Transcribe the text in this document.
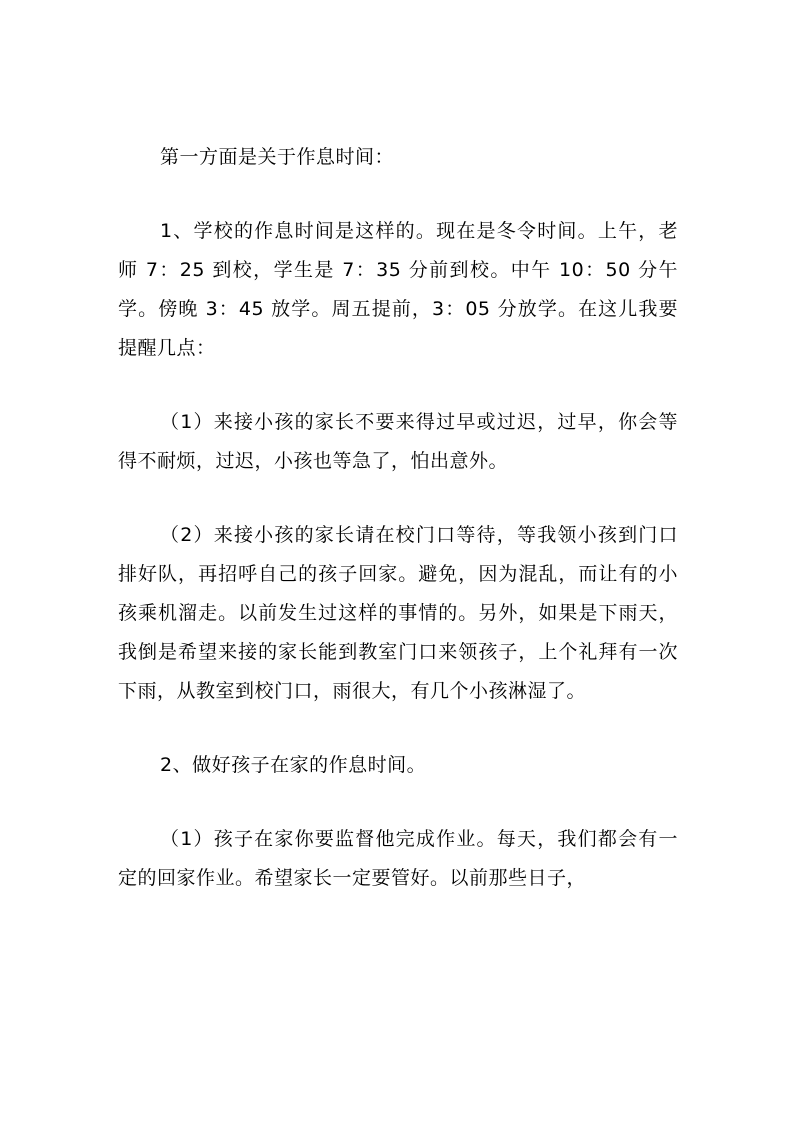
第一方面是关于作息时间：

1、学校的作息时间是这样的。现在是冬令时间。上午，老师 7：25 到校，学生是 7：35 分前到校。中午 10：50 分午学。傍晚 3：45 放学。周五提前，3：05 分放学。在这儿我要提醒几点：

（1）来接小孩的家长不要来得过早或过迟，过早，你会等得不耐烦，过迟，小孩也等急了，怕出意外。

（2）来接小孩的家长请在校门口等待，等我领小孩到门口排好队，再招呼自己的孩子回家。避免，因为混乱，而让有的小孩乘机溜走。以前发生过这样的事情的。另外，如果是下雨天，我倒是希望来接的家长能到教室门口来领孩子，上个礼拜有一次下雨，从教室到校门口，雨很大，有几个小孩淋湿了。

2、做好孩子在家的作息时间。

（1）孩子在家你要监督他完成作业。每天，我们都会有一定的回家作业。希望家长一定要管好。以前那些日子，
